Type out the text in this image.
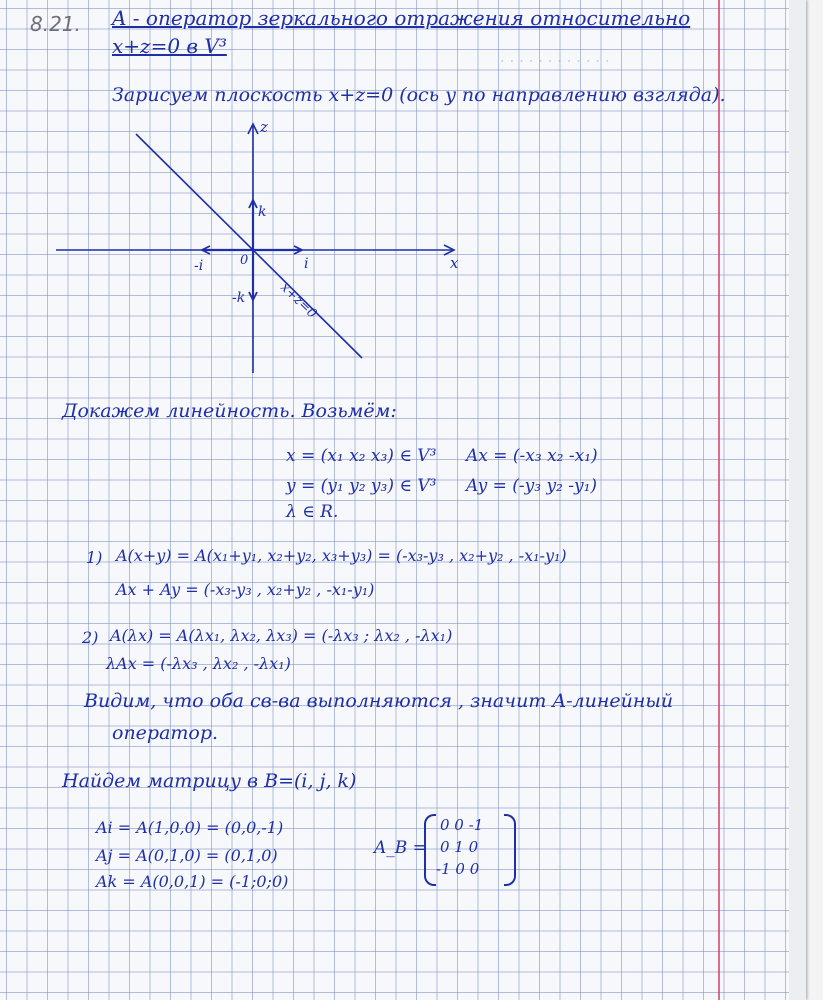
· · · · · · · · · · · ·
8.21. A - оператор зеркального отражения относительно
x+z=0 в V³
Зарисуем плоскость x+z=0 (ось y по направлению взгляда).
x
z
0	i
-i
k
-k x+z=0
Докажем линейность. Возьмём:
x = (x₁ x₂ x₃) ∈ V³ Ax = (-x₃ x₂ -x₁)
y = (y₁ y₂ y₃) ∈ V³ Ay = (-y₃ y₂ -y₁)
λ ∈ R.
1) A(x+y) = A(x₁+y₁, x₂+y₂, x₃+y₃) = (-x₃-y₃ , x₂+y₂ , -x₁-y₁)
Ax + Ay = (-x₃-y₃ , x₂+y₂ , -x₁-y₁)
2) A(λx) = A(λx₁, λx₂, λx₃) = (-λx₃ ; λx₂ , -λx₁)
λAx = (-λx₃ , λx₂ , -λx₁)
Видим, что оба св-ва выполняются , значит A-линейный
оператор.
Найдем матрицу в B=(i, j, k)
Ai = A(1,0,0) = (0,0,-1)
Aj = A(0,1,0) = (0,1,0)
Ak = A(0,0,1) = (-1;0;0)
A_B =
0 0 -1
0 1 0
-1 0 0
